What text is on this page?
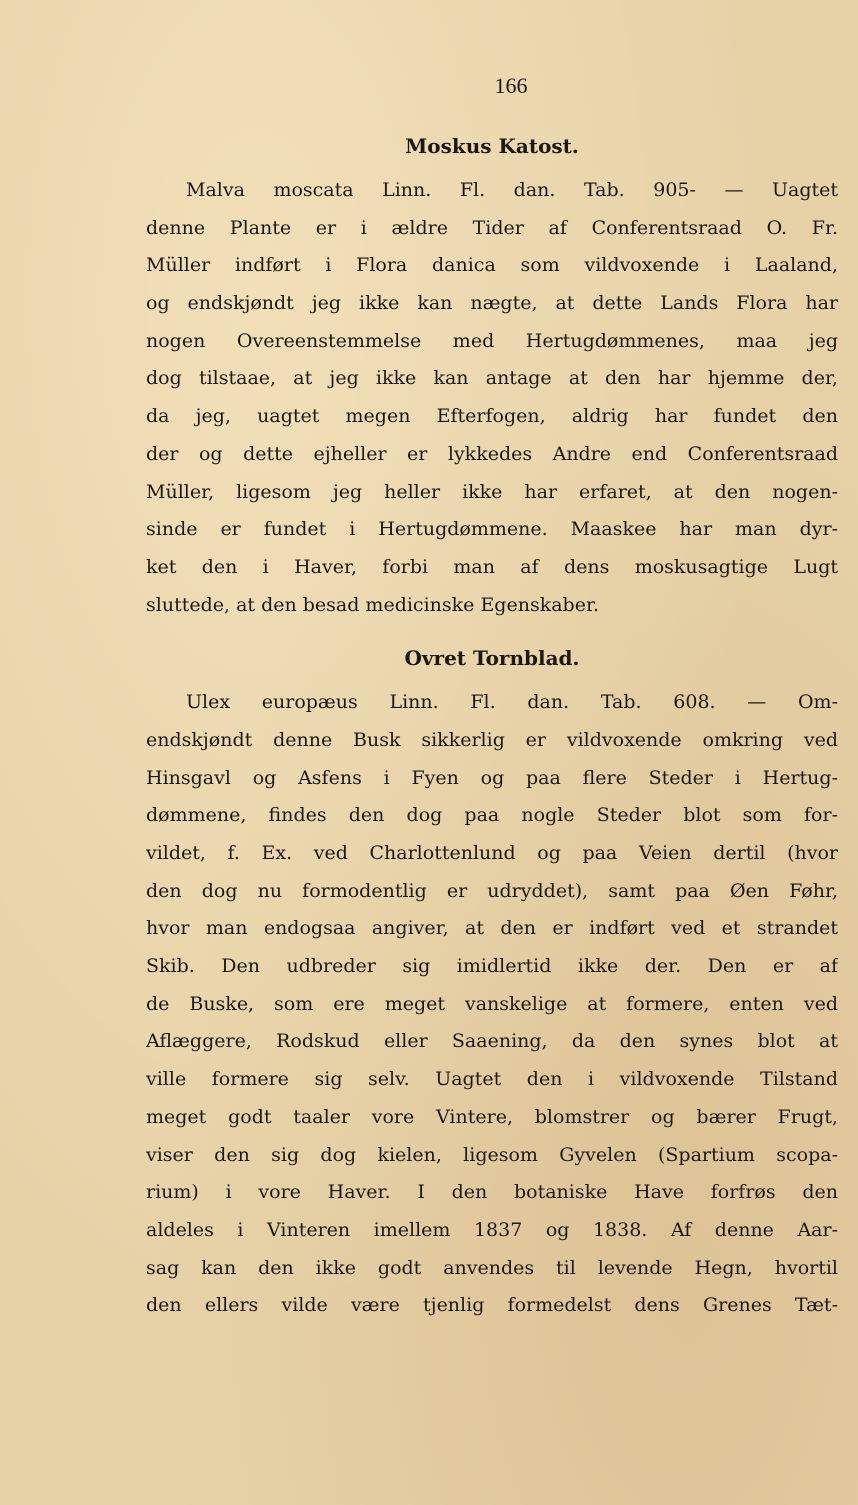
166
Moskus Katost.
Malva moscata Linn. Fl. dan. Tab. 905- — Uagtet
denne Plante er i ældre Tider af Conferentsraad O. Fr.
Müller indført i Flora danica som vildvoxende i Laaland,
og endskjøndt jeg ikke kan nægte, at dette Lands Flora har
nogen Overeenstemmelse med Hertugdømmenes, maa jeg
dog tilstaae, at jeg ikke kan antage at den har hjemme der,
da jeg, uagtet megen Efterfogen, aldrig har fundet den
der og dette ejheller er lykkedes Andre end Conferentsraad
Müller, ligesom jeg heller ikke har erfaret, at den nogen-
sinde er fundet i Hertugdømmene. Maaskee har man dyr-
ket den i Haver, forbi man af dens moskusagtige Lugt
sluttede, at den besad medicinske Egenskaber.
Ovret Tornblad.
Ulex europæus Linn. Fl. dan. Tab. 608. — Om-
endskjøndt denne Busk sikkerlig er vildvoxende omkring ved
Hinsgavl og Asfens i Fyen og paa flere Steder i Hertug-
dømmene, findes den dog paa nogle Steder blot som for-
vildet, f. Ex. ved Charlottenlund og paa Veien dertil (hvor
den dog nu formodentlig er udryddet), samt paa Øen Føhr,
hvor man endogsaa angiver, at den er indført ved et strandet
Skib. Den udbreder sig imidlertid ikke der. Den er af
de Buske, som ere meget vanskelige at formere, enten ved
Aflæggere, Rodskud eller Saaening, da den synes blot at
ville formere sig selv. Uagtet den i vildvoxende Tilstand
meget godt taaler vore Vintere, blomstrer og bærer Frugt,
viser den sig dog kielen, ligesom Gyvelen (Spartium scopa-
rium) i vore Haver. I den botaniske Have forfrøs den
aldeles i Vinteren imellem 1837 og 1838. Af denne Aar-
sag kan den ikke godt anvendes til levende Hegn, hvortil
den ellers vilde være tjenlig formedelst dens Grenes Tæt-
